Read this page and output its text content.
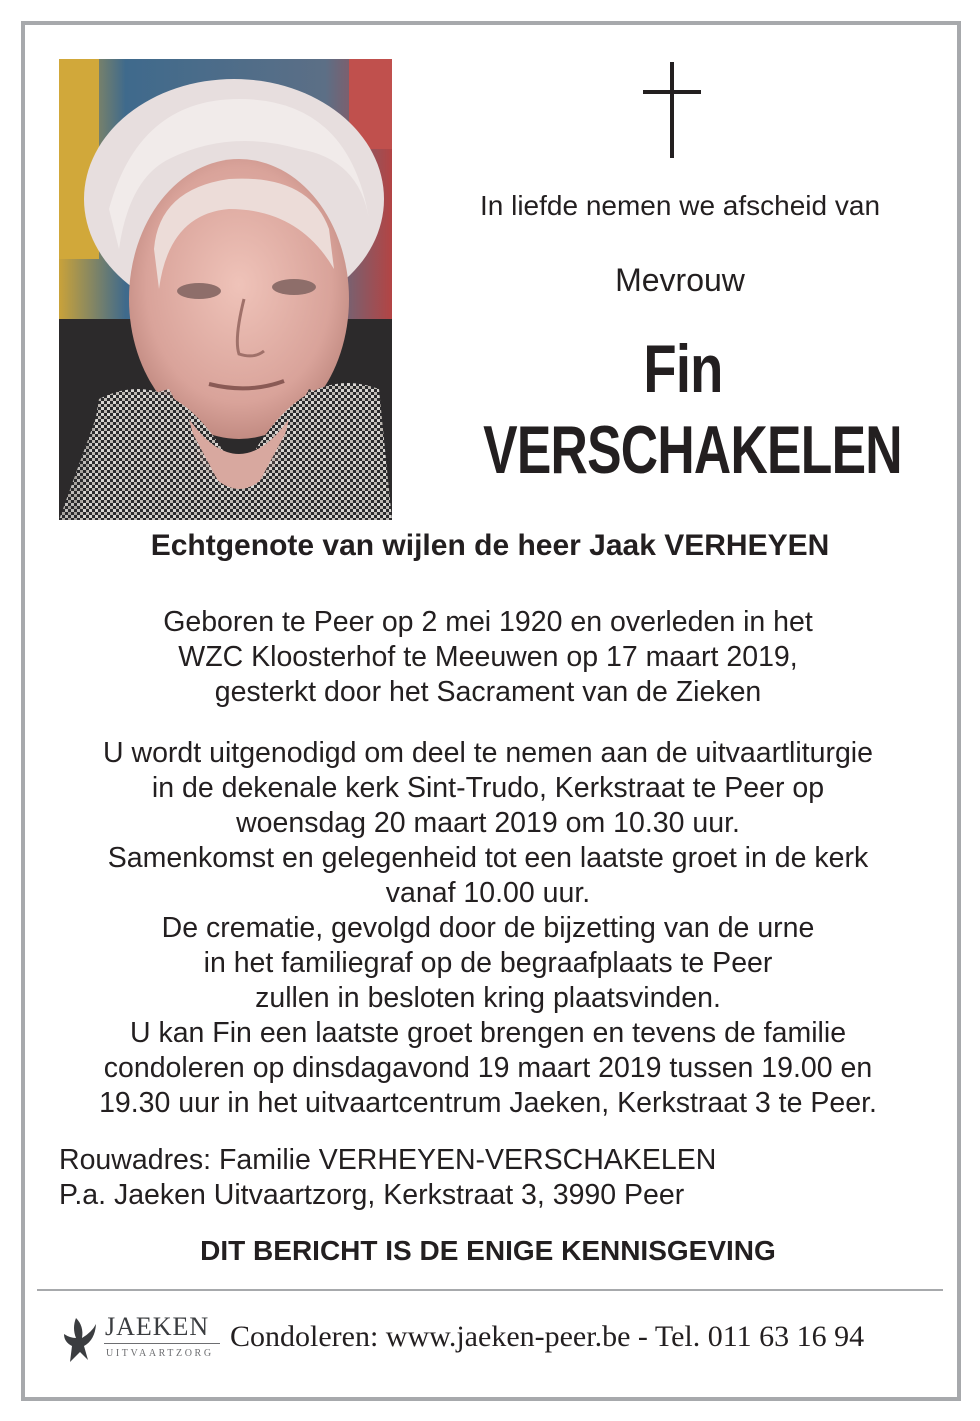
In liefde nemen we afscheid van
Mevrouw
Fin
VERSCHAKELEN
Echtgenote van wijlen de heer Jaak VERHEYEN
Geboren te Peer op 2 mei 1920 en overleden in het
WZC Kloosterhof te Meeuwen op 17 maart 2019,
gesterkt door het Sacrament van de Zieken
U wordt uitgenodigd om deel te nemen aan de uitvaartliturgie
in de dekenale kerk Sint-Trudo, Kerkstraat te Peer op
woensdag 20 maart 2019 om 10.30 uur.
Samenkomst en gelegenheid tot een laatste groet in de kerk
vanaf 10.00 uur.
De crematie, gevolgd door de bijzetting van de urne
in het familiegraf op de begraafplaats te Peer
zullen in besloten kring plaatsvinden.
U kan Fin een laatste groet brengen en tevens de familie
condoleren op dinsdagavond 19 maart 2019 tussen 19.00 en
19.30 uur in het uitvaartcentrum Jaeken, Kerkstraat 3 te Peer.
Rouwadres: Familie VERHEYEN-VERSCHAKELEN
P.a. Jaeken Uitvaartzorg, Kerkstraat 3, 3990 Peer
DIT BERICHT IS DE ENIGE KENNISGEVING
JAEKEN
UITVAARTZORG
Condoleren: www.jaeken-peer.be - Tel. 011 63 16 94
